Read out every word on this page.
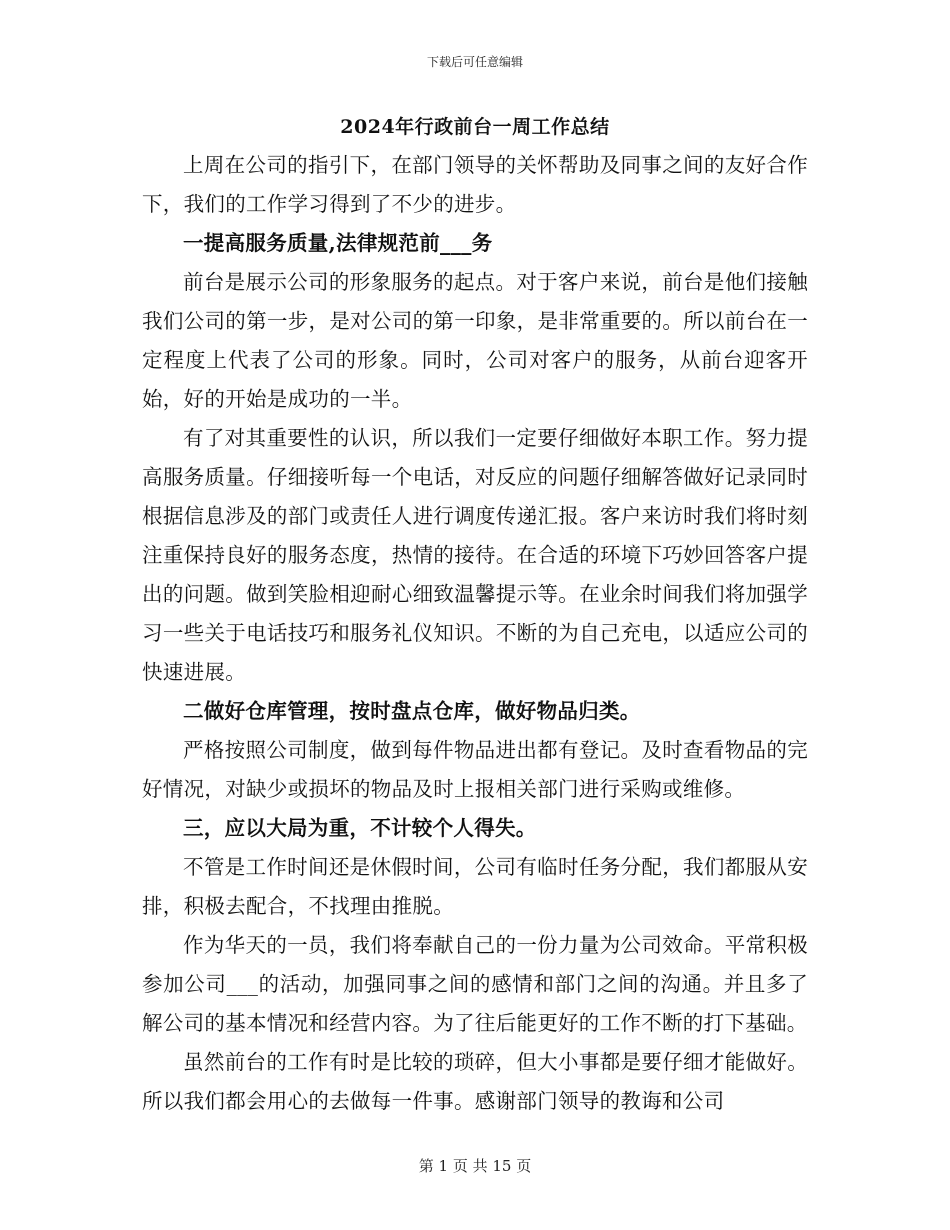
下载后可任意编辑
2024年行政前台一周工作总结

上周在公司的指引下，在部门领导的关怀帮助及同事之间的友好合作下，我们的工作学习得到了不少的进步。

一提高服务质量,法律规范前___务

前台是展示公司的形象服务的起点。对于客户来说，前台是他们接触我们公司的第一步，是对公司的第一印象，是非常重要的。所以前台在一定程度上代表了公司的形象。同时，公司对客户的服务，从前台迎客开始，好的开始是成功的一半。

有了对其重要性的认识，所以我们一定要仔细做好本职工作。努力提高服务质量。仔细接听每一个电话，对反应的问题仔细解答做好记录同时根据信息涉及的部门或责任人进行调度传递汇报。客户来访时我们将时刻注重保持良好的服务态度，热情的接待。在合适的环境下巧妙回答客户提出的问题。做到笑脸相迎耐心细致温馨提示等。在业余时间我们将加强学习一些关于电话技巧和服务礼仪知识。不断的为自己充电，以适应公司的快速进展。

二做好仓库管理，按时盘点仓库，做好物品归类。

严格按照公司制度，做到每件物品进出都有登记。及时查看物品的完好情况，对缺少或损坏的物品及时上报相关部门进行采购或维修。

三，应以大局为重，不计较个人得失。

不管是工作时间还是休假时间，公司有临时任务分配，我们都服从安排，积极去配合，不找理由推脱。

作为华天的一员，我们将奉献自己的一份力量为公司效命。平常积极参加公司___的活动，加强同事之间的感情和部门之间的沟通。并且多了解公司的基本情况和经营内容。为了往后能更好的工作不断的打下基础。

虽然前台的工作有时是比较的琐碎，但大小事都是要仔细才能做好。所以我们都会用心的去做每一件事。感谢部门领导的教诲和公司

第 1 页 共 15 页
